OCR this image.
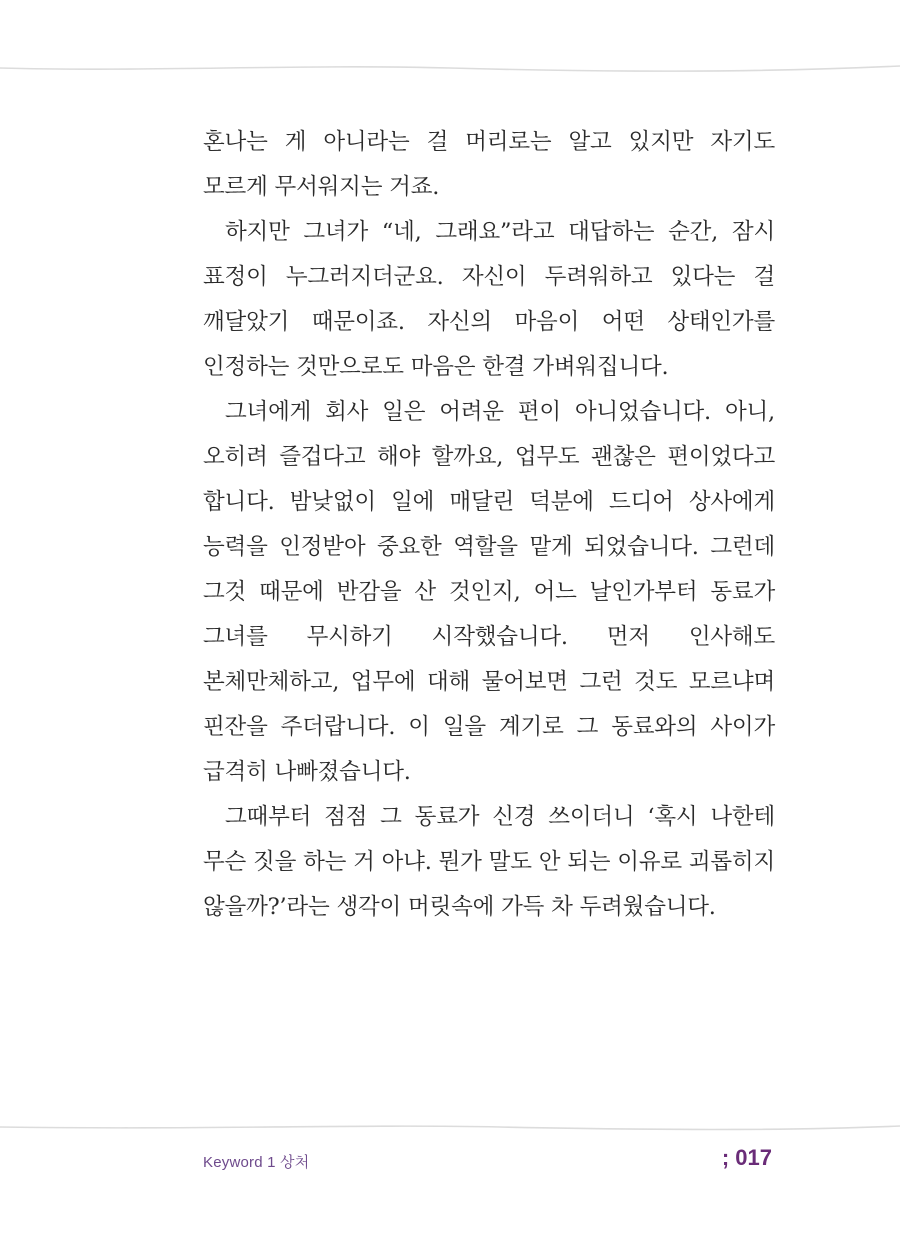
혼나는 게 아니라는 걸 머리로는 알고 있지만 자기도 모르게 무서워지는 거죠.

하지만 그녀가 “네, 그래요”라고 대답하는 순간, 잠시 표정이 누그러지더군요. 자신이 두려워하고 있다는 걸 깨달았기 때문이죠. 자신의 마음이 어떤 상태인가를 인정하는 것만으로도 마음은 한결 가벼워집니다.

그녀에게 회사 일은 어려운 편이 아니었습니다. 아니, 오히려 즐겁다고 해야 할까요, 업무도 괜찮은 편이었다고 합니다. 밤낮없이 일에 매달린 덕분에 드디어 상사에게 능력을 인정받아 중요한 역할을 맡게 되었습니다. 그런데 그것 때문에 반감을 산 것인지, 어느 날인가부터 동료가 그녀를 무시하기 시작했습니다. 먼저 인사해도 본체만체하고, 업무에 대해 물어보면 그런 것도 모르냐며 핀잔을 주더랍니다. 이 일을 계기로 그 동료와의 사이가 급격히 나빠졌습니다.

그때부터 점점 그 동료가 신경 쓰이더니 ‘혹시 나한테 무슨 짓을 하는 거 아냐. 뭔가 말도 안 되는 이유로 괴롭히지 않을까?’라는 생각이 머릿속에 가득 차 두려웠습니다.

Keyword 1 상처	; 017
